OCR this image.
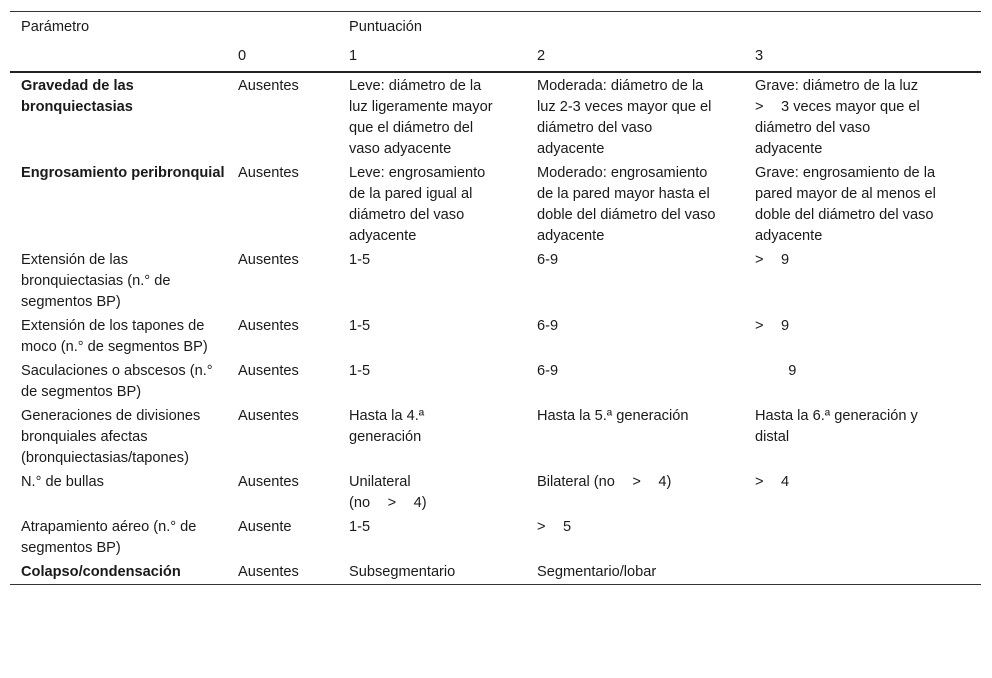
Parámetro		Puntuación		
	0	1	2	3
Gravedad de las bronquiectasias	Ausentes	Leve: diámetro de la luz ligeramente mayor que el diámetro del vaso adyacente	Moderada: diámetro de la luz 2-3 veces mayor que el diámetro del vaso adyacente	Grave: diámetro de la luz  >  3 veces mayor que el diámetro del vaso adyacente

Engrosamiento peribronquial	Ausentes	Leve: engrosamiento de la pared igual al diámetro del vaso adyacente	Moderado: engrosamiento de la pared mayor hasta el doble del diámetro del vaso adyacente	Grave: engrosamiento de la pared mayor de al menos el doble del diámetro del vaso adyacente

Extensión de las bronquiectasias (n.° de segmentos BP)	Ausentes	1-5	6-9	>  9
Extensión de los tapones de moco (n.° de segmentos BP)	Ausentes	1-5	6-9	>  9
Saculaciones o abscesos (n.° de segmentos BP)	Ausentes	1-5	6-9	   9
Generaciones de divisiones bronquiales afectas (bronquiectasias/tapones)	Ausentes	Hasta la 4.ª generación	Hasta la 5.ª generación	Hasta la 6.ª generación y distal

N.° de bullas	Ausentes	Unilateral (no  >  4)	Bilateral (no  >  4)	>  4
Atrapamiento aéreo (n.° de segmentos BP)	Ausente	1-5	>  5	
Colapso/condensación	Ausentes	Subsegmentario	Segmentario/lobar	
